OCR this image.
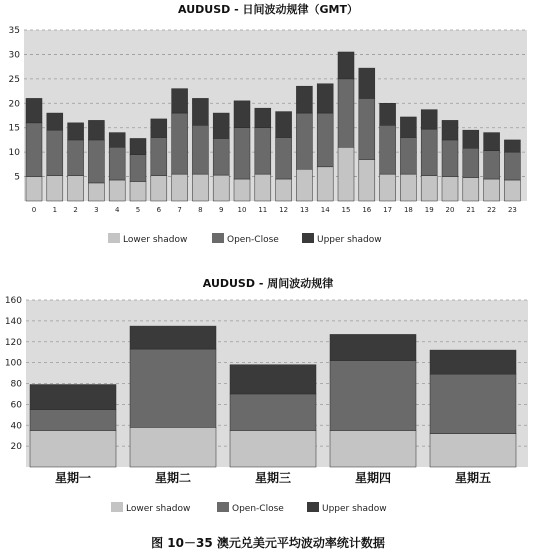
AUDUSD - 日间波动规律（GMT）
5
10
15
20
25
30
35
0 1 2 3 4 5 6 7 8 9 10 11 12 13 14 15 16 17 18 19 20 21 22 23
Lower shadow	Open-Close	Upper shadow
AUDUSD - 周间波动规律
20
40
60
80
100
120
140
160
星期一	星期二	星期三	星期四	星期五
Lower shadow	Open-Close	Upper shadow
图 10－35 澳元兑美元平均波动率统计数据
